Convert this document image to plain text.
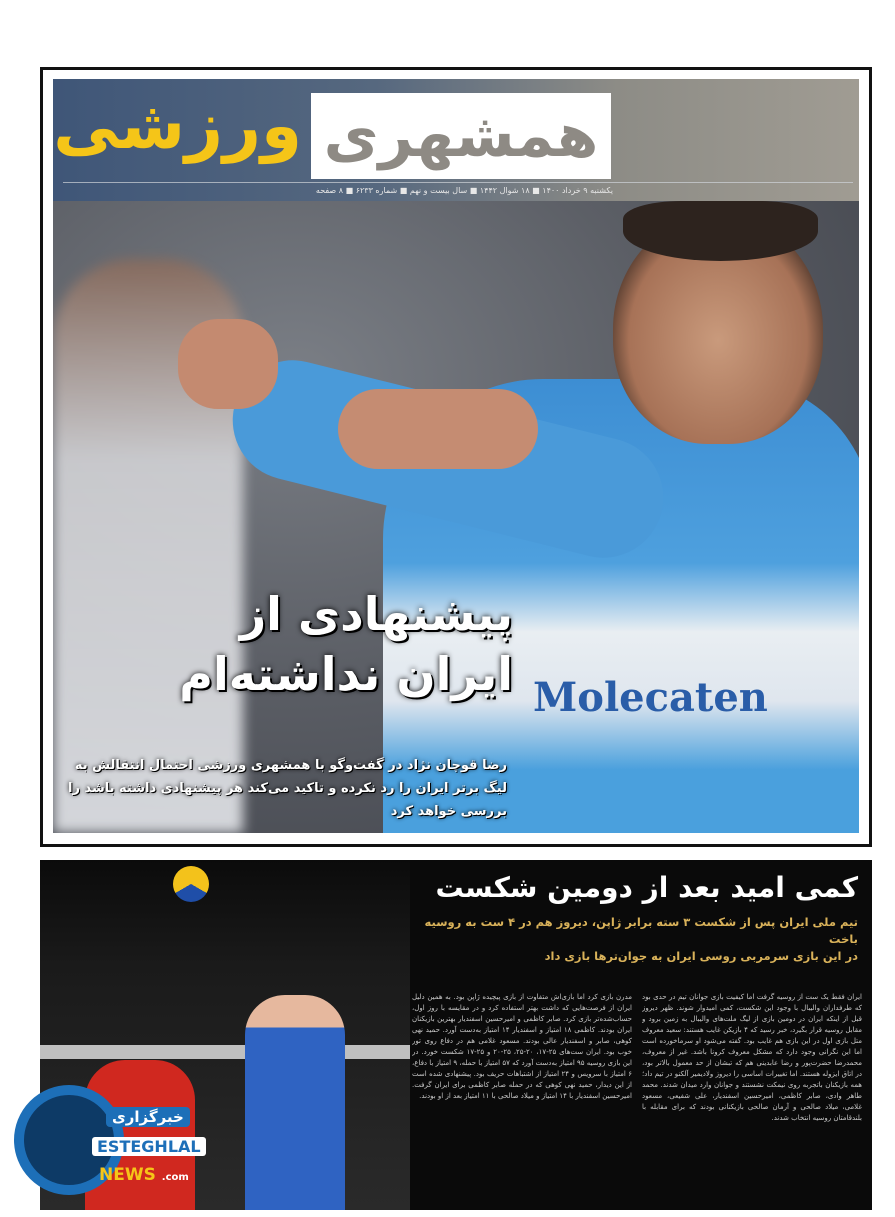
Molecaten
همشهری
ورزشی
یکشنبه ۹ خرداد ۱۴۰۰ ■ ۱۸ شوال ۱۴۴۲ ■ سال بیست و نهم ■ شماره ۶۲۳۳ ■ ۸ صفحه
پیشنهادی از
ایران نداشته‌ام
رضا قوچان نژاد در گفت‌وگو با همشهری ورزشی احتمال انتقالش به لیگ برتر ایران را رد نکرده و تاکید می‌کند هر پیشنهادی داشته باشد را بررسی خواهد کرد
کمی امید بعد از دومین شکست
تیم ملی ایران پس از شکست ۳ سته برابر ژاپن، دیروز هم در ۴ ست به روسیه باخت
در این بازی سرمربی روسی ایران به جوان‌ترها بازی داد
ایران فقط یک ست از روسیه گرفت اما کیفیت بازی جوانان تیم در حدی بود که طرفداران والیبال با وجود این شکست، کمی امیدوار شوند. ظهر دیروز قبل از اینکه ایران در دومین بازی از لیگ ملت‌های والیبال به زمین برود و مقابل روسیه قرار بگیرد، خبر رسید که ۴ بازیکن غایب هستند: سعید معروف متل بازی اول در این بازی هم غایب بود. گفته می‌شود او سرماخورده است اما این نگرانی وجود دارد که مشکل معروف کرونا باشد. غیر از معروف، محمدرضا حضرت‌پور و رضا عابدینی هم که تبشان از حد معمول بالاتر بود، در اتاق ایزوله هستند. اما تغییرات اساسی را دیروز ولادیمیر آلکنو در تیم داد؛ همه بازیکنان باتجربه روی نیمکت نشستند و جوانان وارد میدان شدند. محمد طاهر وادی، صابر کاظمی، امیرحسین اسفندیار، علی شفیعی، مسعود غلامی، میلاد صالحی و آرمان صالحی بازیکنانی بودند که برای مقابله با بلندقامتان روسیه انتخاب شدند.
مدرن بازی کرد اما بازی‌اش متفاوت از بازی پیچیده ژاپن بود. به همین دلیل ایران از فرصت‌هایی که داشت بهتر استفاده کرد و در مقایسه با روز اول، حساب‌شده‌تر بازی کرد. صابر کاظمی و امیرحسین اسفندیار بهترین بازیکنان ایران بودند. کاظمی ۱۸ امتیاز و اسفندیار ۱۴ امتیاز به‌دست آورد. حمید نهی کوهی، صابر و اسفندیار عالی بودند. مسعود غلامی هم در دفاع روی تور خوب بود. ایران ست‌های ۲۵-۱۷، ۲۰-۲۵، ۲۵-۲۰ و ۲۵-۱۷ شکست خورد. در این بازی روسیه ۹۵ امتیاز به‌دست آورد که ۵۷ امتیاز با حمله، ۹ امتیاز با دفاع، ۶ امتیاز با سرویس و ۲۴ امتیاز از اشتباهات حریف بود. پیشنهادی شده است از این دیدار، حمید نهی کوهی که در حمله صابر کاظمی برای ایران گرفت. امیرحسین اسفندیار با ۱۴ امتیاز و میلاد صالحی با ۱۱ امتیاز بعد از او بودند.
خبرگزاری
ESTEGHLAL
NEWS .com
